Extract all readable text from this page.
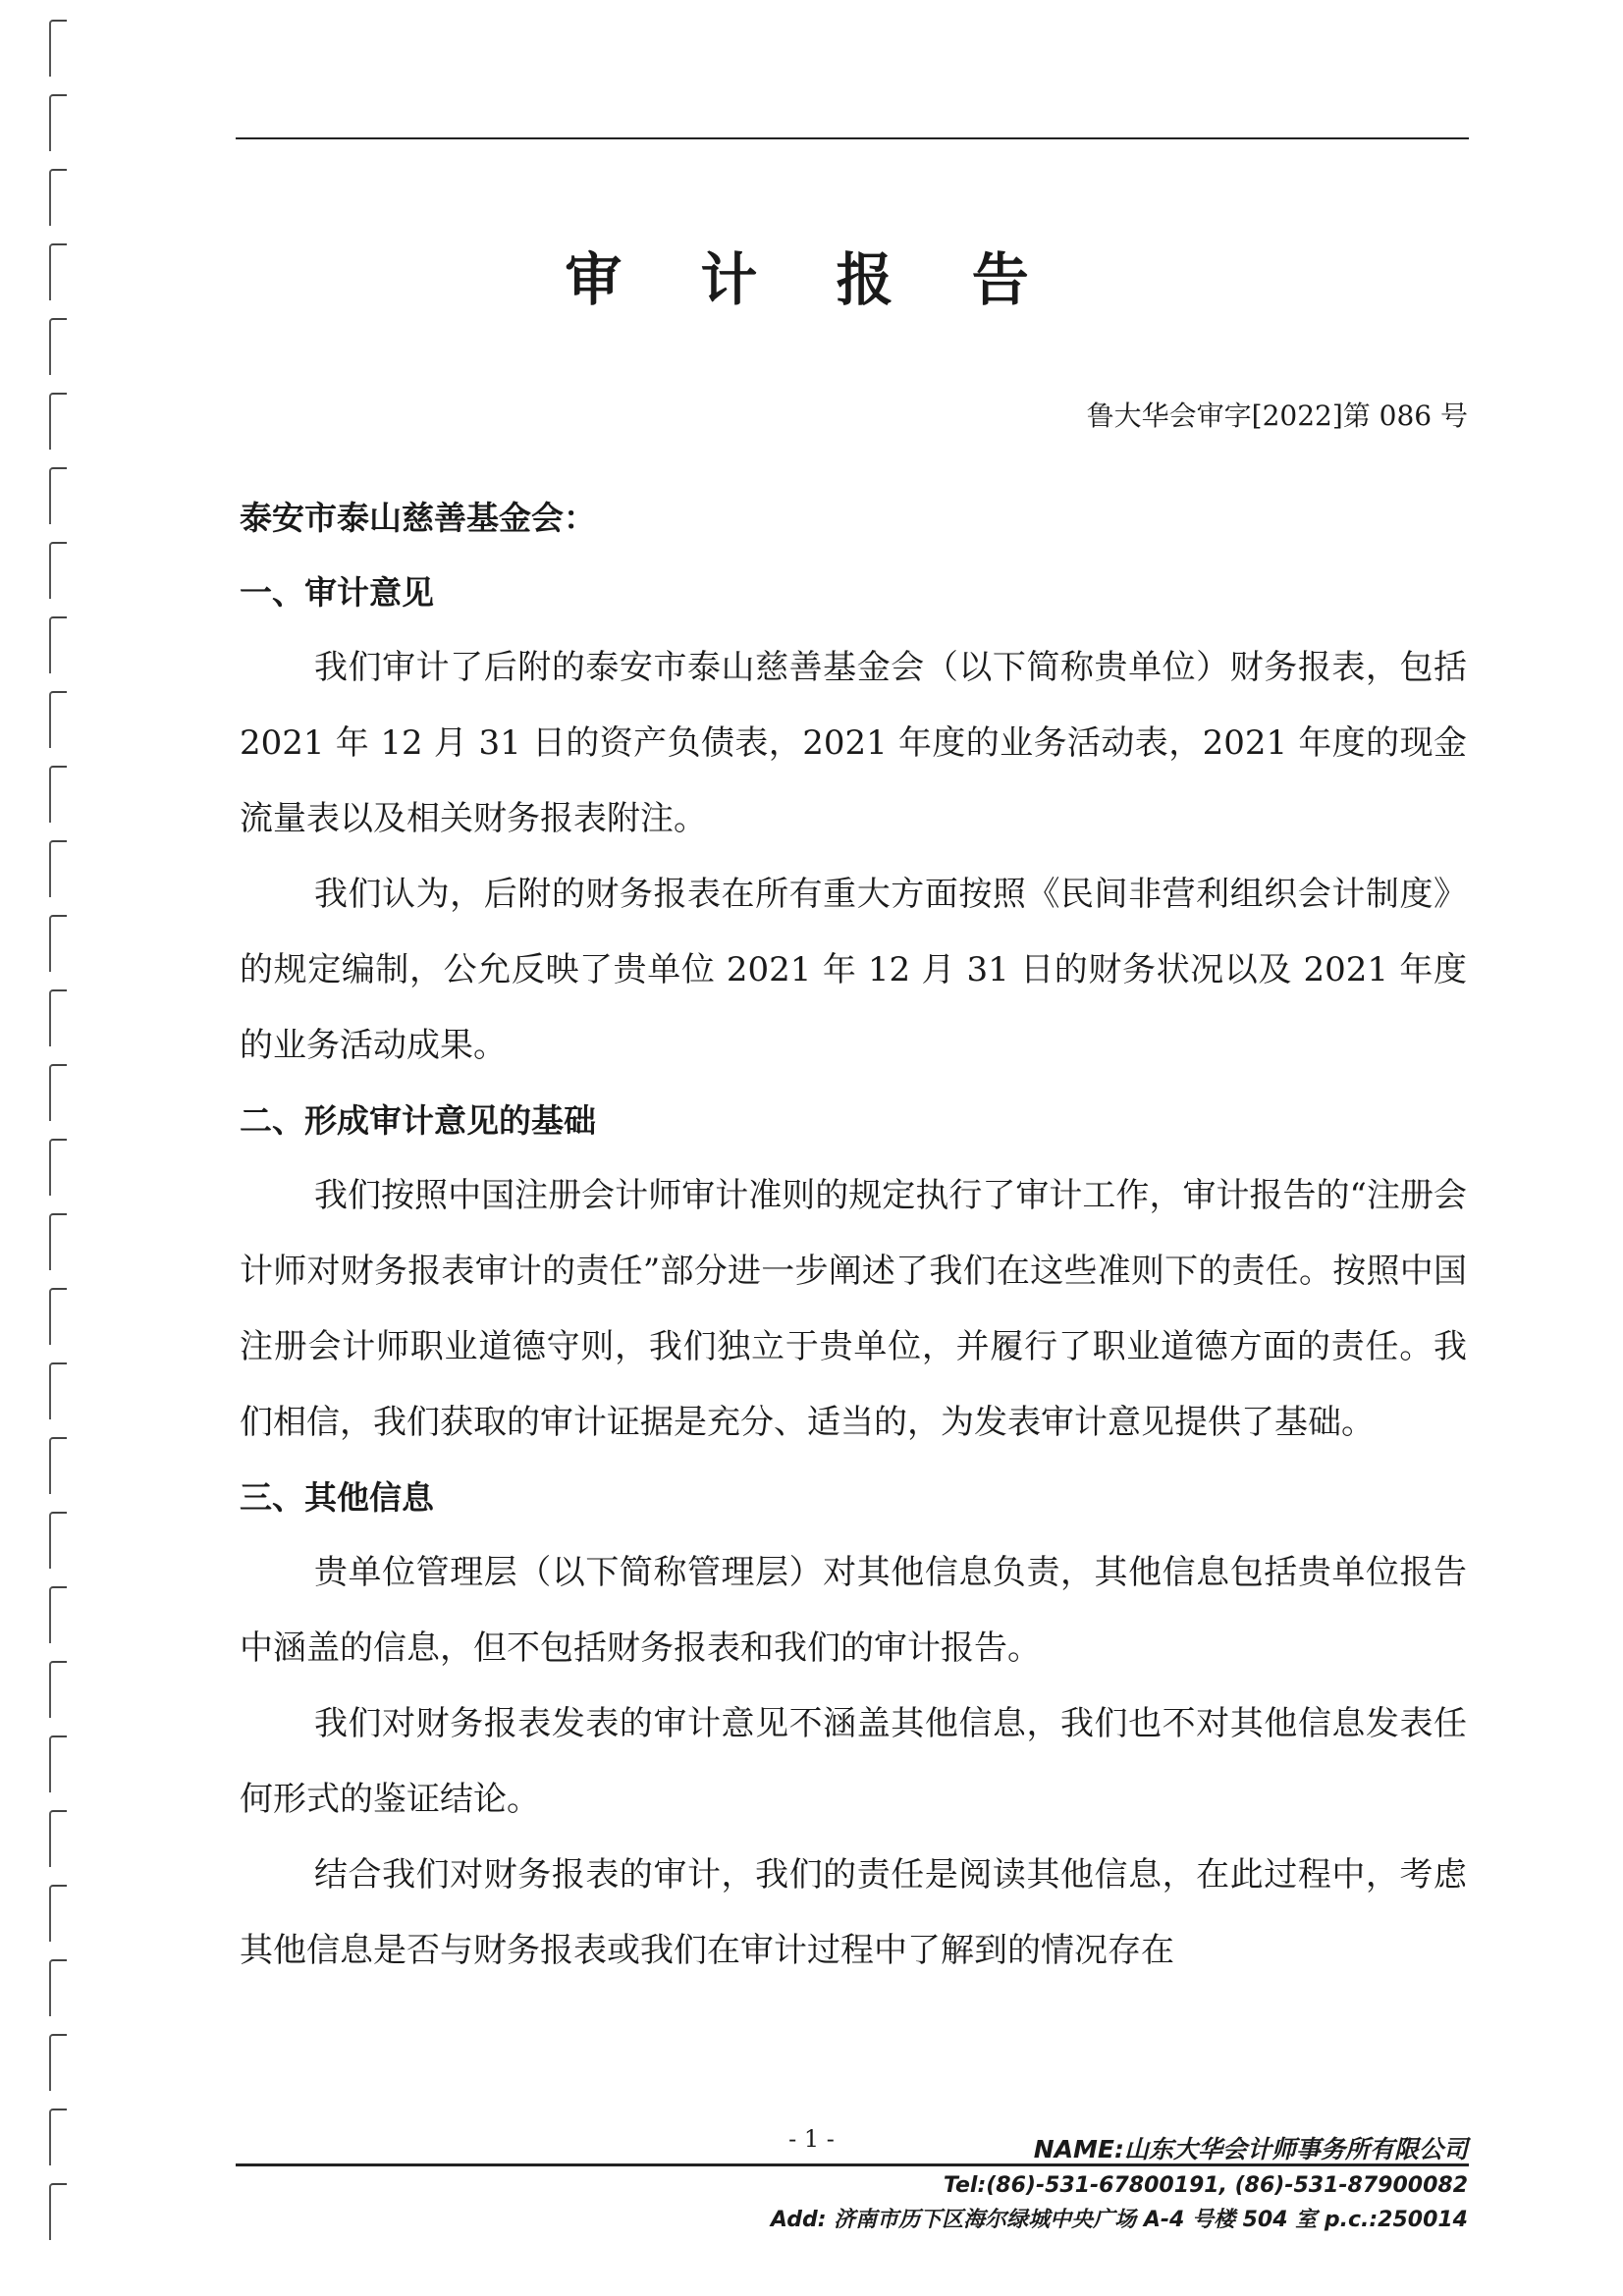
审 计 报 告
鲁大华会审字[2022]第 086 号
泰安市泰山慈善基金会：
一、审计意见

我们审计了后附的泰安市泰山慈善基金会（以下简称贵单位）财务报表，包括 2021 年 12 月 31 日的资产负债表，2021 年度的业务活动表，2021 年度的现金流量表以及相关财务报表附注。

我们认为，后附的财务报表在所有重大方面按照《民间非营利组织会计制度》的规定编制，公允反映了贵单位 2021 年 12 月 31 日的财务状况以及 2021 年度的业务活动成果。

二、形成审计意见的基础

我们按照中国注册会计师审计准则的规定执行了审计工作，审计报告的“注册会计师对财务报表审计的责任”部分进一步阐述了我们在这些准则下的责任。按照中国注册会计师职业道德守则，我们独立于贵单位，并履行了职业道德方面的责任。我们相信，我们获取的审计证据是充分、适当的，为发表审计意见提供了基础。

三、其他信息

贵单位管理层（以下简称管理层）对其他信息负责，其他信息包括贵单位报告中涵盖的信息，但不包括财务报表和我们的审计报告。

我们对财务报表发表的审计意见不涵盖其他信息，我们也不对其他信息发表任何形式的鉴证结论。

结合我们对财务报表的审计，我们的责任是阅读其他信息，在此过程中，考虑其他信息是否与财务报表或我们在审计过程中了解到的情况存在

- 1 -	NAME:山东大华会计师事务所有限公司
Tel:(86)-531-67800191, (86)-531-87900082
Add: 济南市历下区海尔绿城中央广场 A-4 号楼 504 室 p.c.:250014
